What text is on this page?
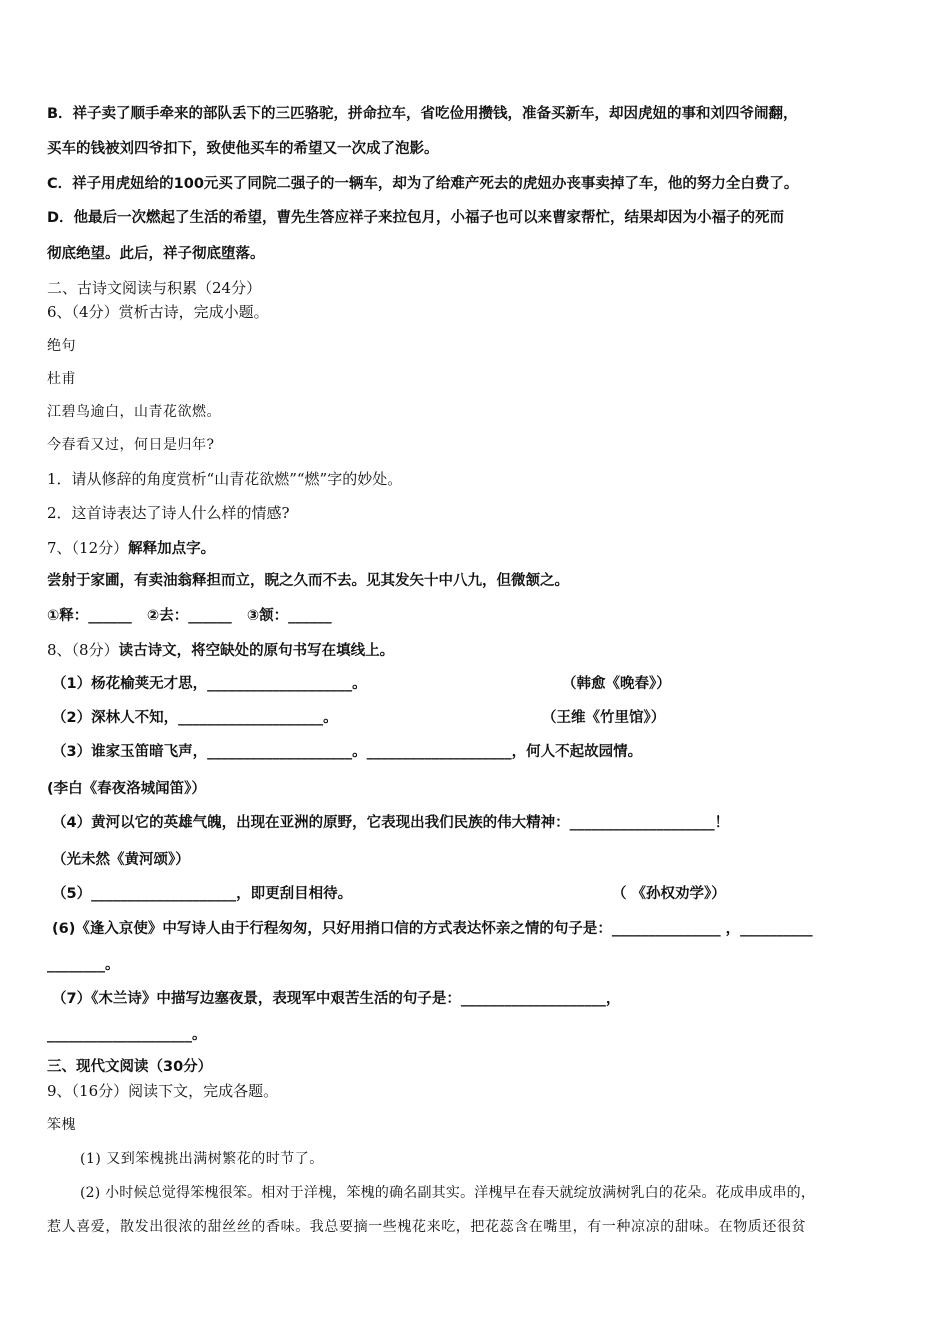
B．祥子卖了顺手牵来的部队丢下的三匹骆驼，拼命拉车，省吃俭用攒钱，准备买新车，却因虎妞的事和刘四爷闹翻，
买车的钱被刘四爷扣下，致使他买车的希望又一次成了泡影。
C．祥子用虎妞给的100元买了同院二强子的一辆车，却为了给难产死去的虎妞办丧事卖掉了车，他的努力全白费了。
D．他最后一次燃起了生活的希望，曹先生答应祥子来拉包月，小福子也可以来曹家帮忙，结果却因为小福子的死而
彻底绝望。此后，祥子彻底堕落。
二、古诗文阅读与积累（24分）
6、（4分）赏析古诗，完成小题。
绝句
杜甫
江碧鸟逾白，山青花欲燃。
今春看又过，何日是归年?
1．请从修辞的角度赏析“山青花欲燃”“燃”字的妙处。
2．这首诗表达了诗人什么样的情感?
7、（12分）解释加点字。
尝射于家圃，有卖油翁释担而立，睨之久而不去。见其发矢十中八九，但微颔之。
①释：______   ②去：______   ③颔：______
8、（8分）读古诗文，将空缺处的原句书写在填线上。
（1）杨花榆荚无才思，____________________。	（韩愈《晚春》）
（2）深林人不知，____________________。	（王维《竹里馆》）
（3）谁家玉笛暗飞声，____________________。____________________，何人不起故园情。
(李白《春夜洛城闻笛》）
（4）黄河以它的英雄气魄，出现在亚洲的原野，它表现出我们民族的伟大精神：____________________！
（光未然《黄河颂》）
（5）____________________，即更刮目相待。	（ 《孙权劝学》）
(6)《逢入京使》中写诗人由于行程匆匆，只好用捎口信的方式表达怀亲之情的句子是：_______________ ，__________
________。
（7）《木兰诗》中描写边塞夜景，表现军中艰苦生活的句子是：____________________，
____________________。
三、现代文阅读（30分）
9、（16分）阅读下文，完成各题。
笨槐
(1) 又到笨槐挑出满树繁花的时节了。
(2) 小时候总觉得笨槐很笨。相对于洋槐，笨槐的确名副其实。洋槐早在春天就绽放满树乳白的花朵。花成串成串的，
惹人喜爱，散发出很浓的甜丝丝的香味。我总要摘一些槐花来吃，把花蕊含在嘴里，有一种凉凉的甜味。在物质还很贫
